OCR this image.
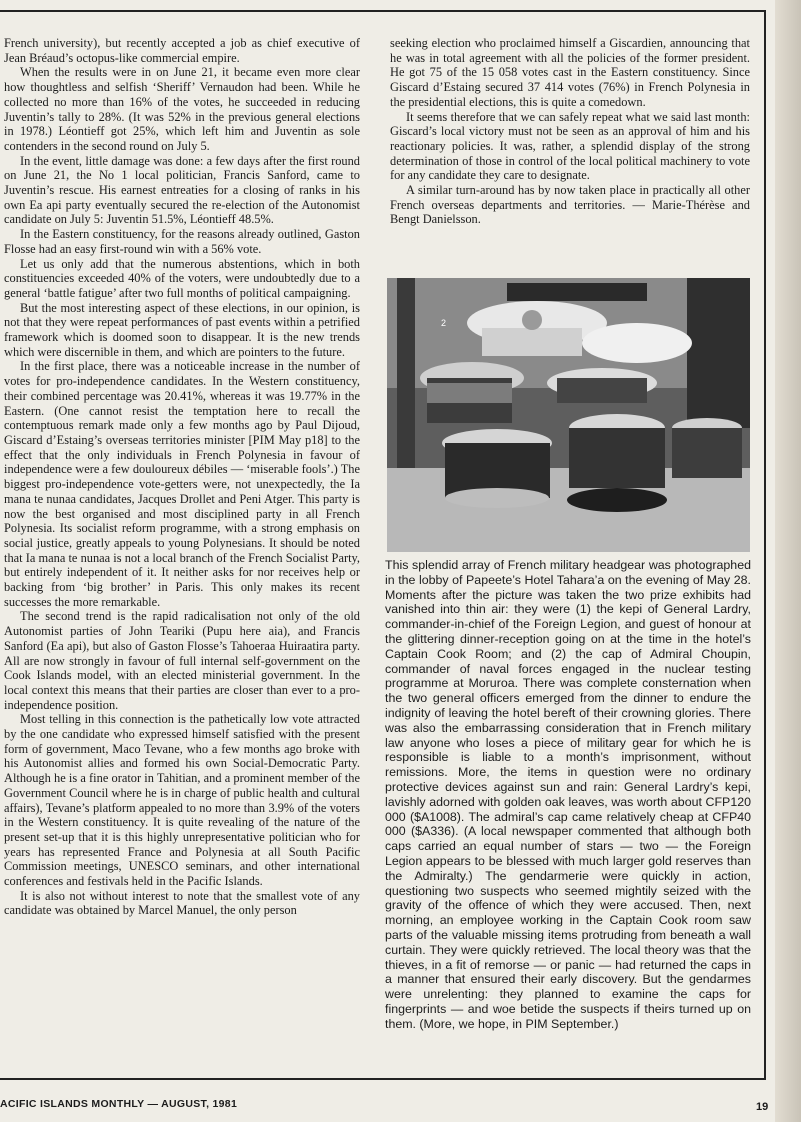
French university), but recently accepted a job as chief executive of Jean Bréaud’s octopus-like commercial empire.

When the results were in on June 21, it became even more clear how thoughtless and selfish ‘Sheriff’ Vernaudon had been. While he collected no more than 16% of the votes, he succeeded in reducing Juventin’s tally to 28%. (It was 52% in the previous general elections in 1978.) Léontieff got 25%, which left him and Juventin as sole contenders in the second round on July 5.

In the event, little damage was done: a few days after the first round on June 21, the No 1 local politician, Francis Sanford, came to Juventin’s rescue. His earnest entreaties for a closing of ranks in his own Ea api party eventually secured the re-election of the Autonomist candidate on July 5: Juventin 51.5%, Léontieff 48.5%.

In the Eastern constituency, for the reasons already outlined, Gaston Flosse had an easy first-round win with a 56% vote.

Let us only add that the numerous abstentions, which in both constituencies exceeded 40% of the voters, were undoubtedly due to a general ‘battle fatigue’ after two full months of political campaigning.

But the most interesting aspect of these elections, in our opinion, is not that they were repeat performances of past events within a petrified framework which is doomed soon to disappear. It is the new trends which were discernible in them, and which are pointers to the future.

In the first place, there was a noticeable increase in the number of votes for pro-independence candidates. In the Western constituency, their combined percentage was 20.41%, whereas it was 19.77% in the Eastern. (One cannot resist the temptation here to recall the contemptuous remark made only a few months ago by Paul Dijoud, Giscard d’Estaing’s overseas territories minister [PIM May p18] to the effect that the only individuals in French Polynesia in favour of independence were a few douloureux débiles — ‘miserable fools’.) The biggest pro-independence vote-getters were, not unexpectedly, the Ia mana te nunaa candidates, Jacques Drollet and Peni Atger. This party is now the best organised and most disciplined party in all French Polynesia. Its socialist reform programme, with a strong emphasis on social justice, greatly appeals to young Polynesians. It should be noted that Ia mana te nunaa is not a local branch of the French Socialist Party, but entirely independent of it. It neither asks for nor receives help or backing from ‘big brother’ in Paris. This only makes its recent successes the more remarkable.

The second trend is the rapid radicalisation not only of the old Autonomist parties of John Teariki (Pupu here aia), and Francis Sanford (Ea api), but also of Gaston Flosse’s Tahoeraa Huiraatira party. All are now strongly in favour of full internal self-government on the Cook Islands model, with an elected ministerial government. In the local context this means that their parties are closer than ever to a pro-independence position.

Most telling in this connection is the pathetically low vote attracted by the one candidate who expressed himself satisfied with the present form of government, Maco Tevane, who a few months ago broke with his Autonomist allies and formed his own Social-Democratic Party. Although he is a fine orator in Tahitian, and a prominent member of the Government Council where he is in charge of public health and cultural affairs), Tevane’s platform appealed to no more than 3.9% of the voters in the Western constituency. It is quite revealing of the nature of the present set-up that it is this highly unrepresentative politician who for years has represented France and Polynesia at all South Pacific Commission meetings, UNESCO seminars, and other international conferences and festivals held in the Pacific Islands.

It is also not without interest to note that the smallest vote of any candidate was obtained by Marcel Manuel, the only person

seeking election who proclaimed himself a Giscardien, announcing that he was in total agreement with all the policies of the former president. He got 75 of the 15 058 votes cast in the Eastern constituency. Since Giscard d’Estaing secured 37 414 votes (76%) in French Polynesia in the presidential elections, this is quite a comedown.

It seems therefore that we can safely repeat what we said last month: Giscard’s local victory must not be seen as an approval of him and his reactionary policies. It was, rather, a splendid display of the strong determination of those in control of the local political machinery to vote for any candidate they care to designate.

A similar turn-around has by now taken place in practically all other French overseas departments and territories. — Marie-Thérèse and Bengt Danielsson.

2

This splendid array of French military headgear was photographed in the lobby of Papeete’s Hotel Tahara’a on the evening of May 28. Moments after the picture was taken the two prize exhibits had vanished into thin air: they were (1) the kepi of General Lardry, commander-in-chief of the Foreign Legion, and guest of honour at the glittering dinner-reception going on at the time in the hotel’s Captain Cook Room; and (2) the cap of Admiral Choupin, commander of naval forces engaged in the nuclear testing programme at Moruroa. There was complete consternation when the two general officers emerged from the dinner to endure the indignity of leaving the hotel bereft of their crowning glories. There was also the embarrassing consideration that in French military law anyone who loses a piece of military gear for which he is responsible is liable to a month’s imprisonment, without remissions. More, the items in question were no ordinary protective devices against sun and rain: General Lardry’s kepi, lavishly adorned with golden oak leaves, was worth about CFP120 000 ($A1008). The admiral’s cap came relatively cheap at CFP40 000 ($A336). (A local newspaper commented that although both caps carried an equal number of stars — two — the Foreign Legion appears to be blessed with much larger gold reserves than the Admiralty.) The gendarmerie were quickly in action, questioning two suspects who seemed mightily seized with the gravity of the offence of which they were accused. Then, next morning, an employee working in the Captain Cook room saw parts of the valuable missing items protruding from beneath a wall curtain. They were quickly retrieved. The local theory was that the thieves, in a fit of remorse — or panic — had returned the caps in a manner that ensured their early discovery. But the gendarmes were unrelenting: they planned to examine the caps for fingerprints — and woe betide the suspects if theirs turned up on them. (More, we hope, in PIM September.)

ACIFIC ISLANDS MONTHLY — AUGUST, 1981	19
